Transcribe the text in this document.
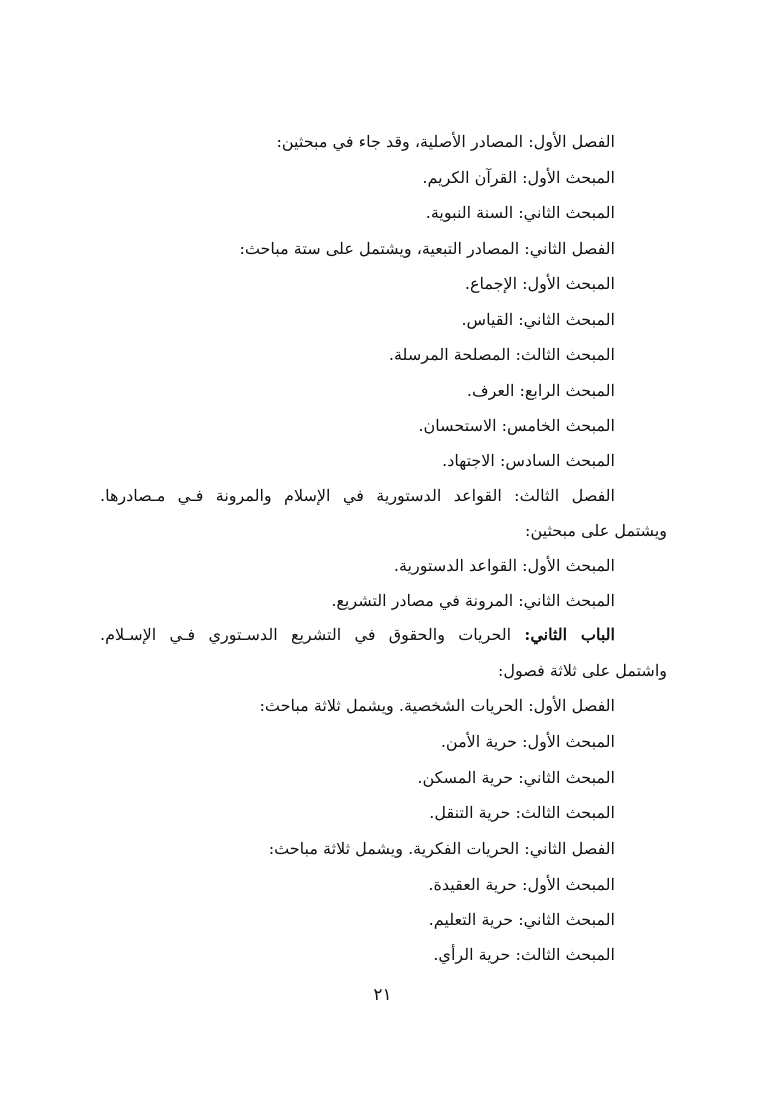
الفصل الأول: المصادر الأصلية، وقد جاء في مبحثين:
المبحث الأول: القرآن الكريم.
المبحث الثاني: السنة النبوية.
الفصل الثاني: المصادر التبعية، ويشتمل على ستة مباحث:
المبحث الأول: الإجماع.
المبحث الثاني: القياس.
المبحث الثالث: المصلحة المرسلة.
المبحث الرابع: العرف.
المبحث الخامس: الاستحسان.
المبحث السادس: الاجتهاد.
الفصل الثالث: القواعد الدستورية في الإسلام والمرونة فـي مـصادرها.
ويشتمل على مبحثين:
المبحث الأول: القواعد الدستورية.
المبحث الثاني: المرونة في مصادر التشريع.
الباب الثاني: الحريات والحقوق في التشريع الدسـتوري فـي الإسـلام.
واشتمل على ثلاثة فصول:
الفصل الأول: الحريات الشخصية. ويشمل ثلاثة مباحث:
المبحث الأول: حرية الأمن.
المبحث الثاني: حرية المسكن.
المبحث الثالث: حرية التنقل.
الفصل الثاني: الحريات الفكرية. ويشمل ثلاثة مباحث:
المبحث الأول: حرية العقيدة.
المبحث الثاني: حرية التعليم.
المبحث الثالث: حرية الرأي.
٢١
